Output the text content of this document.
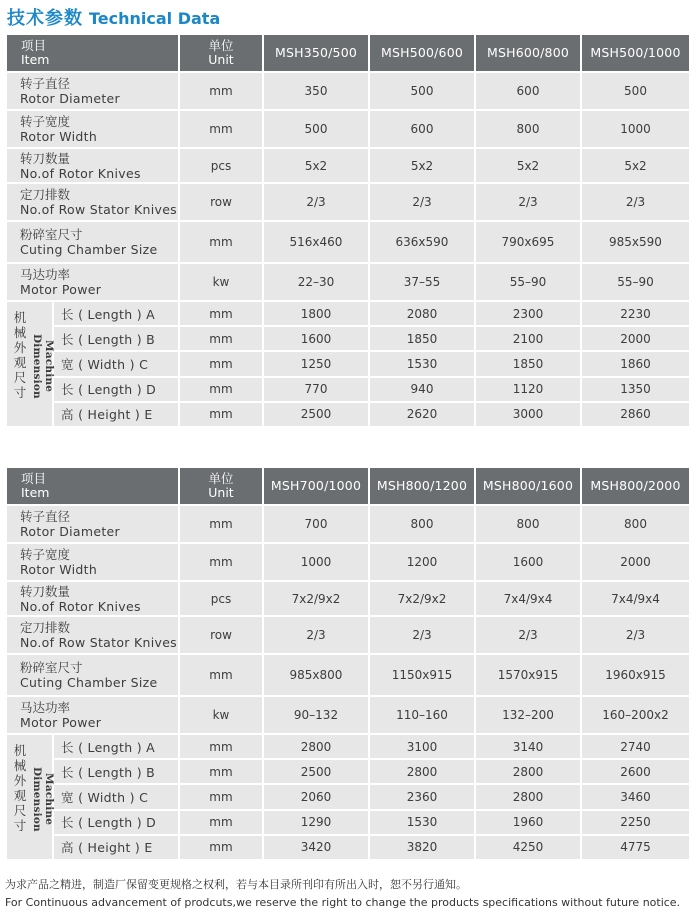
技术参数 Technical Data
项目
Item		单位
Unit	MSH350/500	MSH500/600	MSH600/800	MSH500/1000

转子直径
Rotor Diameter		mm	350	500	600	500

转子宽度
Rotor Width		mm	500	600	800	1000

转刀数量
No.of Rotor Knives		pcs	5x2	5x2	5x2	5x2

定刀排数
No.of Row Stator Knives		row	2/3	2/3	2/3	2/3

粉碎室尺寸
Cuting Chamber Size		mm	516x460	636x590	790x695	985x590

马达功率
Motor Power		kw	22–30	37–55	55–90	55–90

机械外观尺寸
Machine Dimension	长 ( Length ) A	mm	1800	2080	2300	2230
	长 ( Length ) B	mm	1600	1850	2100	2000
	宽 ( Width ) C	mm	1250	1530	1850	1860
	长 ( Length ) D	mm	770	940	1120	1350
	高 ( Height ) E	mm	2500	2620	3000	2860
项目
Item		单位
Unit	MSH700/1000	MSH800/1200	MSH800/1600	MSH800/2000

转子直径
Rotor Diameter		mm	700	800	800	800

转子宽度
Rotor Width		mm	1000	1200	1600	2000

转刀数量
No.of Rotor Knives		pcs	7x2/9x2	7x2/9x2	7x4/9x4	7x4/9x4

定刀排数
No.of Row Stator Knives		row	2/3	2/3	2/3	2/3

粉碎室尺寸
Cuting Chamber Size		mm	985x800	1150x915	1570x915	1960x915

马达功率
Motor Power		kw	90–132	110–160	132–200	160–200x2

机械外观尺寸
Machine Dimension	长 ( Length ) A	mm	2800	3100	3140	2740
	长 ( Length ) B	mm	2500	2800	2800	2600
	宽 ( Width ) C	mm	2060	2360	2800	3460
	长 ( Length ) D	mm	1290	1530	1960	2250
	高 ( Height ) E	mm	3420	3820	4250	4775
为求产品之精进，制造厂保留变更规格之权利，若与本目录所刊印有所出入时，恕不另行通知。
For Continuous advancement of prodcuts,we reserve the right to change the products specifications without future notice.
